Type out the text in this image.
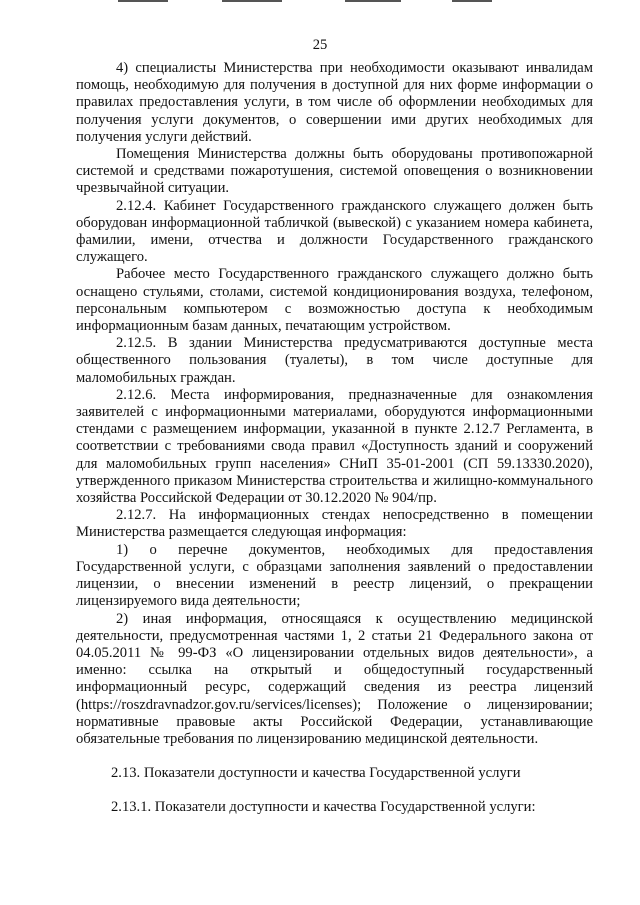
25

4) специалисты Министерства при необходимости оказывают инвалидам помощь, необходимую для получения в доступной для них форме информации о правилах предоставления услуги, в том числе об оформлении необходимых для получения услуги документов, о совершении ими других необходимых для получения услуги действий.

Помещения Министерства должны быть оборудованы противопожарной системой и средствами пожаротушения, системой оповещения о возникновении чрезвычайной ситуации.

2.12.4. Кабинет Государственного гражданского служащего должен быть оборудован информационной табличкой (вывеской) с указанием номера кабинета, фамилии, имени, отчества и должности Государственного гражданского служащего.

Рабочее место Государственного гражданского служащего должно быть оснащено стульями, столами, системой кондиционирования воздуха, телефоном, персональным компьютером с возможностью доступа к необходимым информационным базам данных, печатающим устройством.

2.12.5. В здании Министерства предусматриваются доступные места общественного пользования (туалеты), в том числе доступные для маломобильных граждан.

2.12.6. Места информирования, предназначенные для ознакомления заявителей с информационными материалами, оборудуются информационными стендами с размещением информации, указанной в пункте 2.12.7 Регламента, в соответствии с требованиями свода правил «Доступность зданий и сооружений для маломобильных групп населения» СНиП 35-01-2001 (СП 59.13330.2020), утвержденного приказом Министерства строительства и жилищно-коммунального хозяйства Российской Федерации от 30.12.2020 № 904/пр.

2.12.7. На информационных стендах непосредственно в помещении Министерства размещается следующая информация:

1) о перечне документов, необходимых для предоставления Государственной услуги, с образцами заполнения заявлений о предоставлении лицензии, о внесении изменений в реестр лицензий, о прекращении лицензируемого вида деятельности;

2) иная информация, относящаяся к осуществлению медицинской деятельности, предусмотренная частями 1, 2 статьи 21 Федерального закона от 04.05.2011 № 99-ФЗ «О лицензировании отдельных видов деятельности», а именно: ссылка на открытый и общедоступный государственный информационный ресурс, содержащий сведения из реестра лицензий (https://roszdravnadzor.gov.ru/services/licenses); Положение о лицензировании; нормативные правовые акты Российской Федерации, устанавливающие обязательные требования по лицензированию медицинской деятельности.

2.13. Показатели доступности и качества Государственной услуги

2.13.1. Показатели доступности и качества Государственной услуги:
